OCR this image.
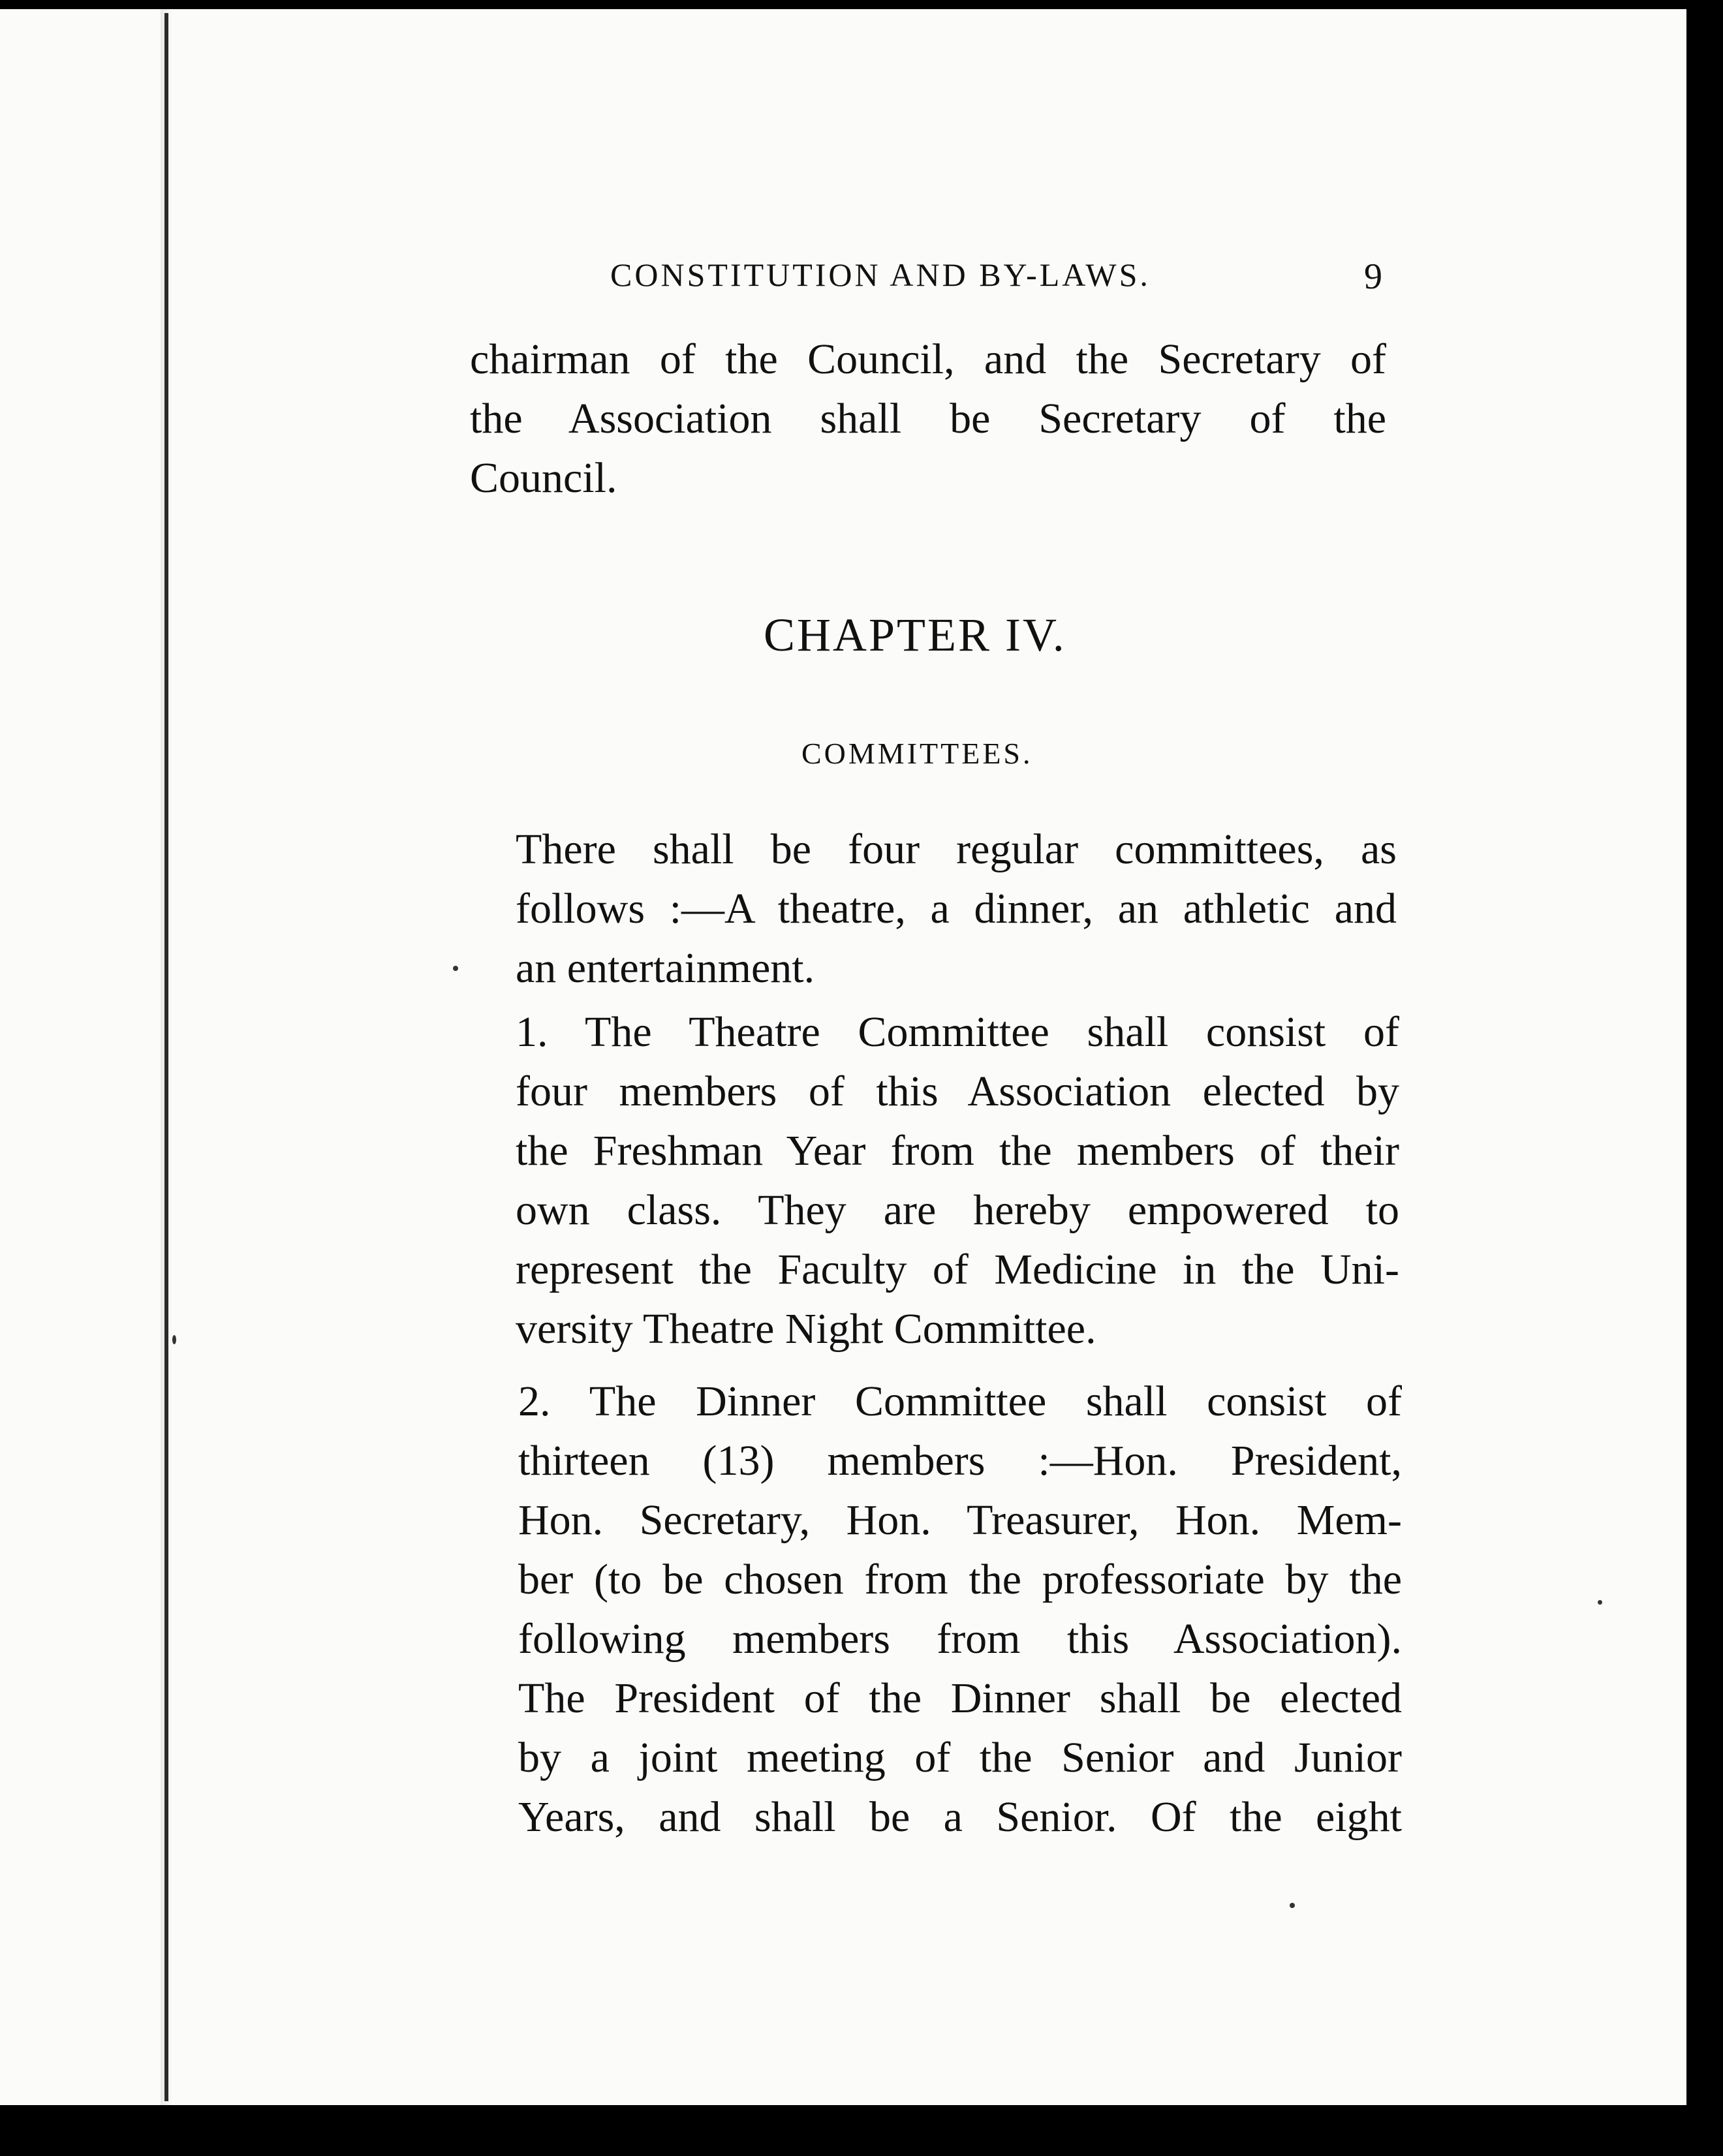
CONSTITUTION AND BY-LAWS.	9
chairman of the Council, and the Secretary of
the Association shall be Secretary of the
Council.
CHAPTER IV.
COMMITTEES.
There shall be four regular committees, as
follows :—A theatre, a dinner, an athletic and
an entertainment.
1. The Theatre Committee shall consist of
four members of this Association elected by
the Freshman Year from the members of their
own class. They are hereby empowered to
represent the Faculty of Medicine in the Uni-
versity Theatre Night Committee.
2. The Dinner Committee shall consist of
thirteen (13) members :—Hon. President,
Hon. Secretary, Hon. Treasurer, Hon. Mem-
ber (to be chosen from the professoriate by the
following members from this Association).
The President of the Dinner shall be elected
by a joint meeting of the Senior and Junior
Years, and shall be a Senior. Of the eight
